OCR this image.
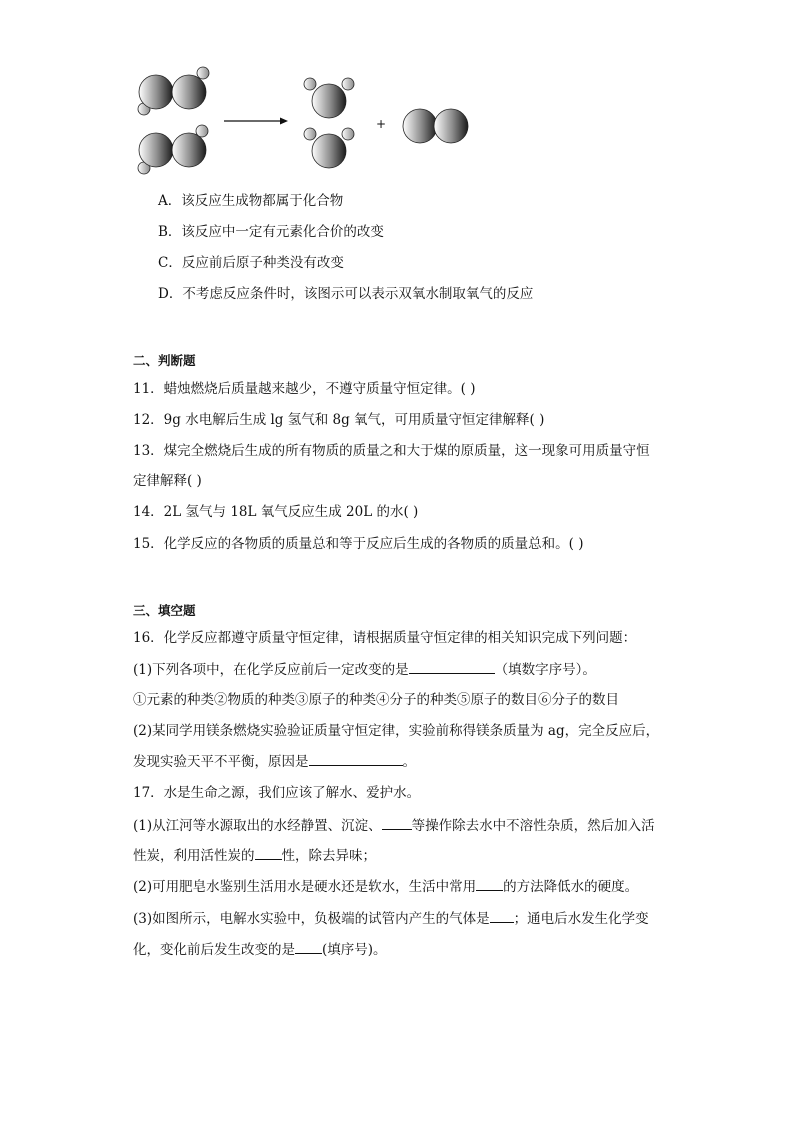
+
A．该反应生成物都属于化合物
B．该反应中一定有元素化合价的改变
C．反应前后原子种类没有改变
D．不考虑反应条件时，该图示可以表示双氧水制取氧气的反应
二、判断题
11．蜡烛燃烧后质量越来越少，不遵守质量守恒定律。( )
12．9g 水电解后生成 lg 氢气和 8g 氧气，可用质量守恒定律解释( )
13．煤完全燃烧后生成的所有物质的质量之和大于煤的原质量，这一现象可用质量守恒
定律解释( )
14．2L 氢气与 18L 氧气反应生成 20L 的水( )
15．化学反应的各物质的质量总和等于反应后生成的各物质的质量总和。( )
三、填空题
16．化学反应都遵守质量守恒定律，请根据质量守恒定律的相关知识完成下列问题：
(1)下列各项中，在化学反应前后一定改变的是	（填数字序号）。
①元素的种类②物质的种类③原子的种类④分子的种类⑤原子的数目⑥分子的数目
(2)某同学用镁条燃烧实验验证质量守恒定律，实验前称得镁条质量为 ag，完全反应后，
发现实验天平不平衡，原因是	。
17．水是生命之源，我们应该了解水、爱护水。
(1)从江河等水源取出的水经静置、沉淀、 等操作除去水中不溶性杂质，然后加入活
性炭，利用活性炭的 性，除去异味；
(2)可用肥皂水鉴别生活用水是硬水还是软水，生活中常用 的方法降低水的硬度。
(3)如图所示，电解水实验中，负极端的试管内产生的气体是 ；通电后水发生化学变
化，变化前后发生改变的是 (填序号)。
